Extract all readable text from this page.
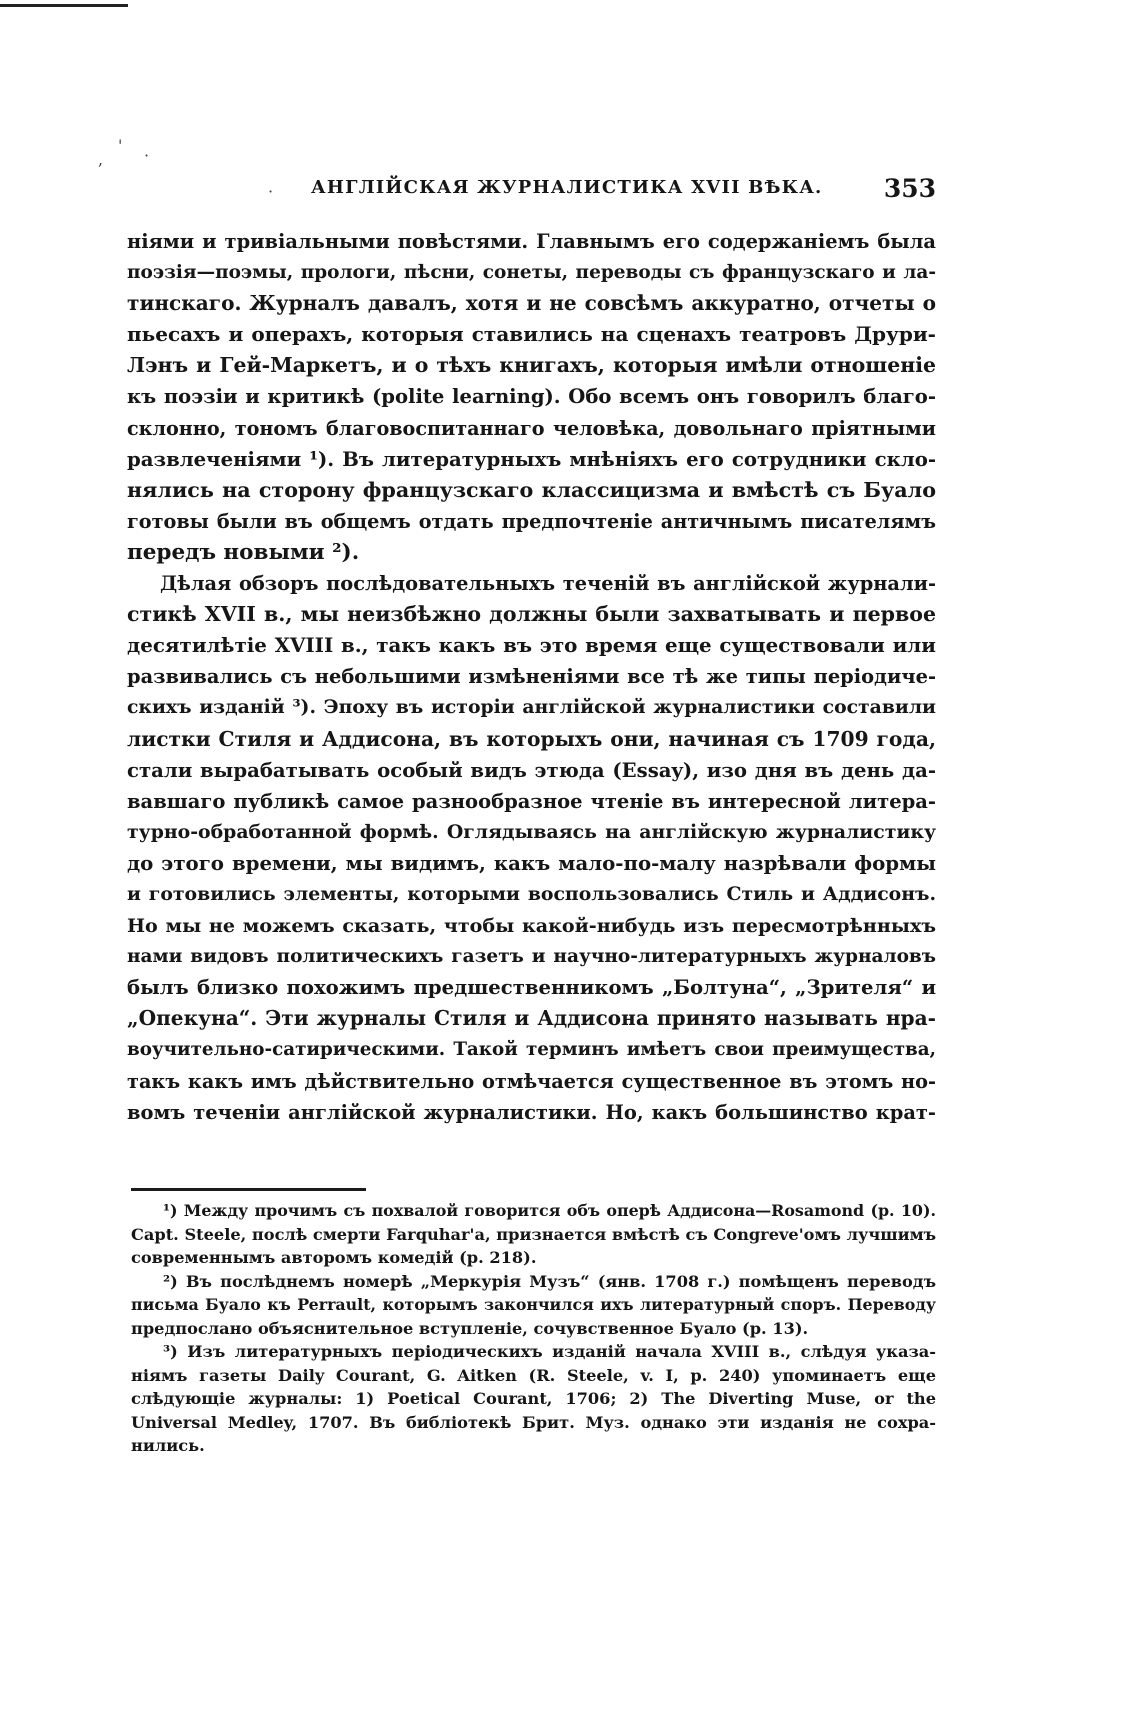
,
'
·
· АНГЛІЙСКАЯ ЖУРНАЛИСТИКА XVII ВѢКА. 353
ніями и тривіальными повѣстями. Главнымъ его содержаніемъ была
поэзія—поэмы, прологи, пѣсни, сонеты, переводы съ французскаго и ла-
тинскаго. Журналъ давалъ, хотя и не совсѣмъ аккуратно, отчеты о
пьесахъ и операхъ, которыя ставились на сценахъ театровъ Друри-
Лэнъ и Гей-Маркетъ, и о тѣхъ книгахъ, которыя имѣли отношеніе
къ поэзіи и критикѣ (polite learning). Обо всемъ онъ говорилъ благо-
склонно, тономъ благовоспитаннаго человѣка, довольнаго пріятными
развлеченіями ¹). Въ литературныхъ мнѣніяхъ его сотрудники скло-
нялись на сторону французскаго классицизма и вмѣстѣ съ Буало
готовы были въ общемъ отдать предпочтеніе античнымъ писателямъ
передъ новыми ²).
Дѣлая обзоръ послѣдовательныхъ теченій въ англійской журнали-
стикѣ XVII в., мы неизбѣжно должны были захватывать и первое
десятилѣтіе XVIII в., такъ какъ въ это время еще существовали или
развивались съ небольшими измѣненіями все тѣ же типы періодиче-
скихъ изданій ³). Эпоху въ исторіи англійской журналистики составили
листки Стиля и Аддисона, въ которыхъ они, начиная съ 1709 года,
стали вырабатывать особый видъ этюда (Essay), изо дня въ день да-
вавшаго публикѣ самое разнообразное чтеніе въ интересной литера-
турно-обработанной формѣ. Оглядываясь на англійскую журналистику
до этого времени, мы видимъ, какъ мало-по-малу назрѣвали формы
и готовились элементы, которыми воспользовались Стиль и Аддисонъ.
Но мы не можемъ сказать, чтобы какой-нибудь изъ пересмотрѣнныхъ
нами видовъ политическихъ газетъ и научно-литературныхъ журналовъ
былъ близко похожимъ предшественникомъ „Болтуна“, „Зрителя“ и
„Опекуна“. Эти журналы Стиля и Аддисона принято называть нра-
воучительно-сатирическими. Такой терминъ имѣетъ свои преимущества,
такъ какъ имъ дѣйствительно отмѣчается существенное въ этомъ но-
вомъ теченіи англійской журналистики. Но, какъ большинство крат-
¹) Между прочимъ съ похвалой говорится объ оперѣ Аддисона—Rosamond (p. 10).
Capt. Steele, послѣ смерти Farquhar'а, признается вмѣстѣ съ Congreve'омъ лучшимъ
современнымъ авторомъ комедій (p. 218).
²) Въ послѣднемъ номерѣ „Меркурія Музъ“ (янв. 1708 г.) помѣщенъ переводъ
письма Буало къ Perrault, которымъ закончился ихъ литературный споръ. Переводу
предпослано объяснительное вступленіе, сочувственное Буало (p. 13).
³) Изъ литературныхъ періодическихъ изданій начала XVIII в., слѣдуя указа-
ніямъ газеты Daily Courant, G. Aitken (R. Steele, v. I, p. 240) упоминаетъ еще
слѣдующіе журналы: 1) Poetical Courant, 1706; 2) The Diverting Muse, or the
Universal Medley, 1707. Въ библіотекѣ Брит. Муз. однако эти изданія не сохра-
нились.
